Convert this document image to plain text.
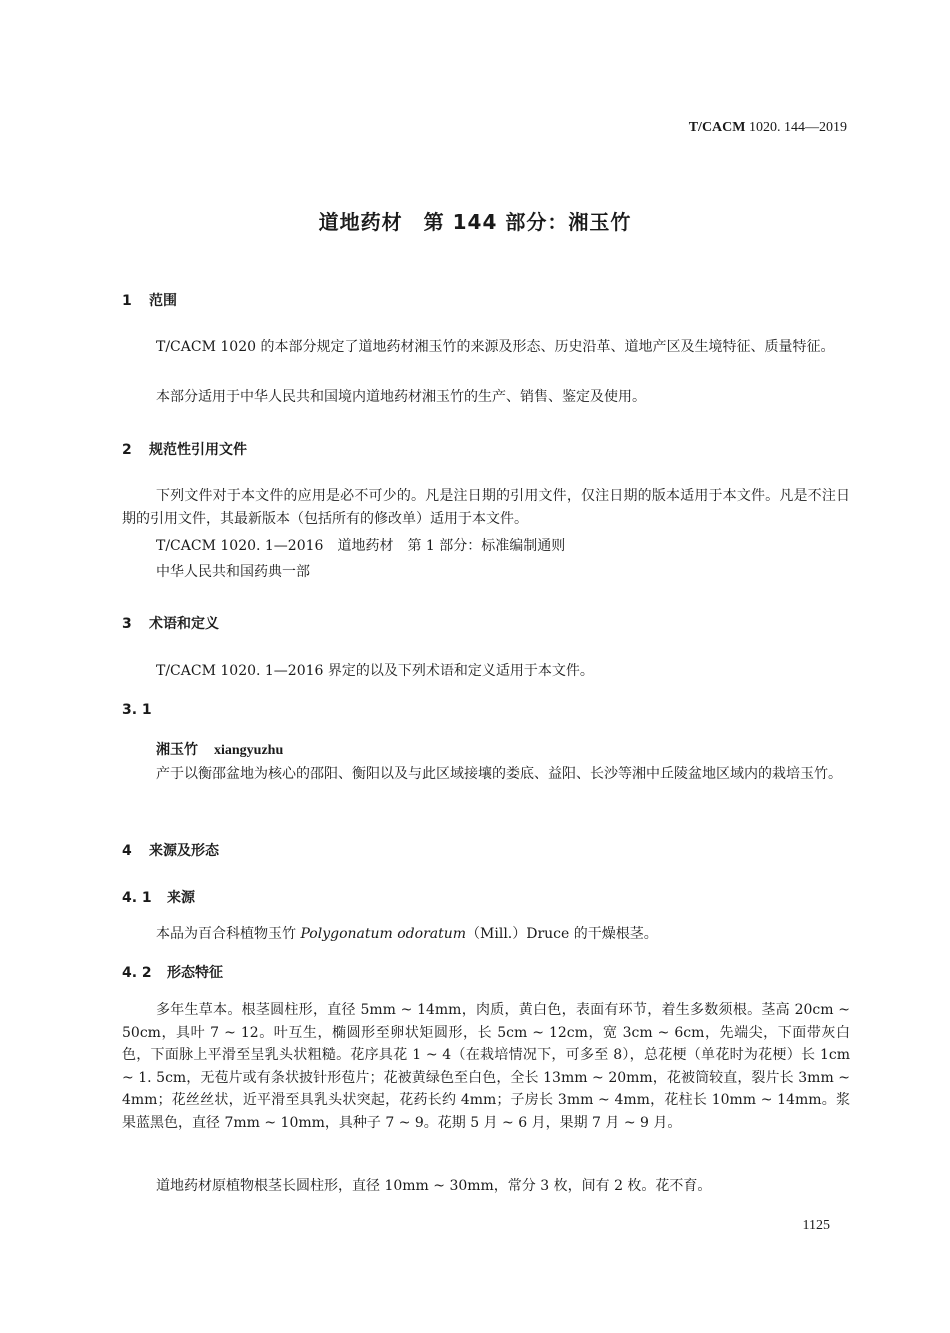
T/CACM 1020. 144—2019
道地药材　第 144 部分：湘玉竹
1 范围
T/CACM 1020 的本部分规定了道地药材湘玉竹的来源及形态、历史沿革、道地产区及生境特征、质量特征。
本部分适用于中华人民共和国境内道地药材湘玉竹的生产、销售、鉴定及使用。
2 规范性引用文件
下列文件对于本文件的应用是必不可少的。凡是注日期的引用文件，仅注日期的版本适用于本文件。凡是不注日期的引用文件，其最新版本（包括所有的修改单）适用于本文件。
T/CACM 1020. 1—2016　道地药材　第 1 部分：标准编制通则
中华人民共和国药典一部
3 术语和定义
T/CACM 1020. 1—2016 界定的以及下列术语和定义适用于本文件。
3. 1
湘玉竹 xiangyuzhu
产于以衡邵盆地为核心的邵阳、衡阳以及与此区域接壤的娄底、益阳、长沙等湘中丘陵盆地区域内的栽培玉竹。
4 来源及形态
4. 1 来源
本品为百合科植物玉竹 Polygonatum odoratum（Mill.）Druce 的干燥根茎。
4. 2 形态特征
多年生草本。根茎圆柱形，直径 5mm ~ 14mm，肉质，黄白色，表面有环节，着生多数须根。茎高 20cm ~ 50cm，具叶 7 ~ 12。叶互生，椭圆形至卵状矩圆形，长 5cm ~ 12cm，宽 3cm ~ 6cm，先端尖，下面带灰白色，下面脉上平滑至呈乳头状粗糙。花序具花 1 ~ 4（在栽培情况下，可多至 8），总花梗（单花时为花梗）长 1cm ~ 1. 5cm，无苞片或有条状披针形苞片；花被黄绿色至白色，全长 13mm ~ 20mm，花被筒较直，裂片长 3mm ~ 4mm；花丝丝状，近平滑至具乳头状突起，花药长约 4mm；子房长 3mm ~ 4mm，花柱长 10mm ~ 14mm。浆果蓝黑色，直径 7mm ~ 10mm，具种子 7 ~ 9。花期 5 月 ~ 6 月，果期 7 月 ~ 9 月。
道地药材原植物根茎长圆柱形，直径 10mm ~ 30mm，常分 3 枚，间有 2 枚。花不育。
1125
